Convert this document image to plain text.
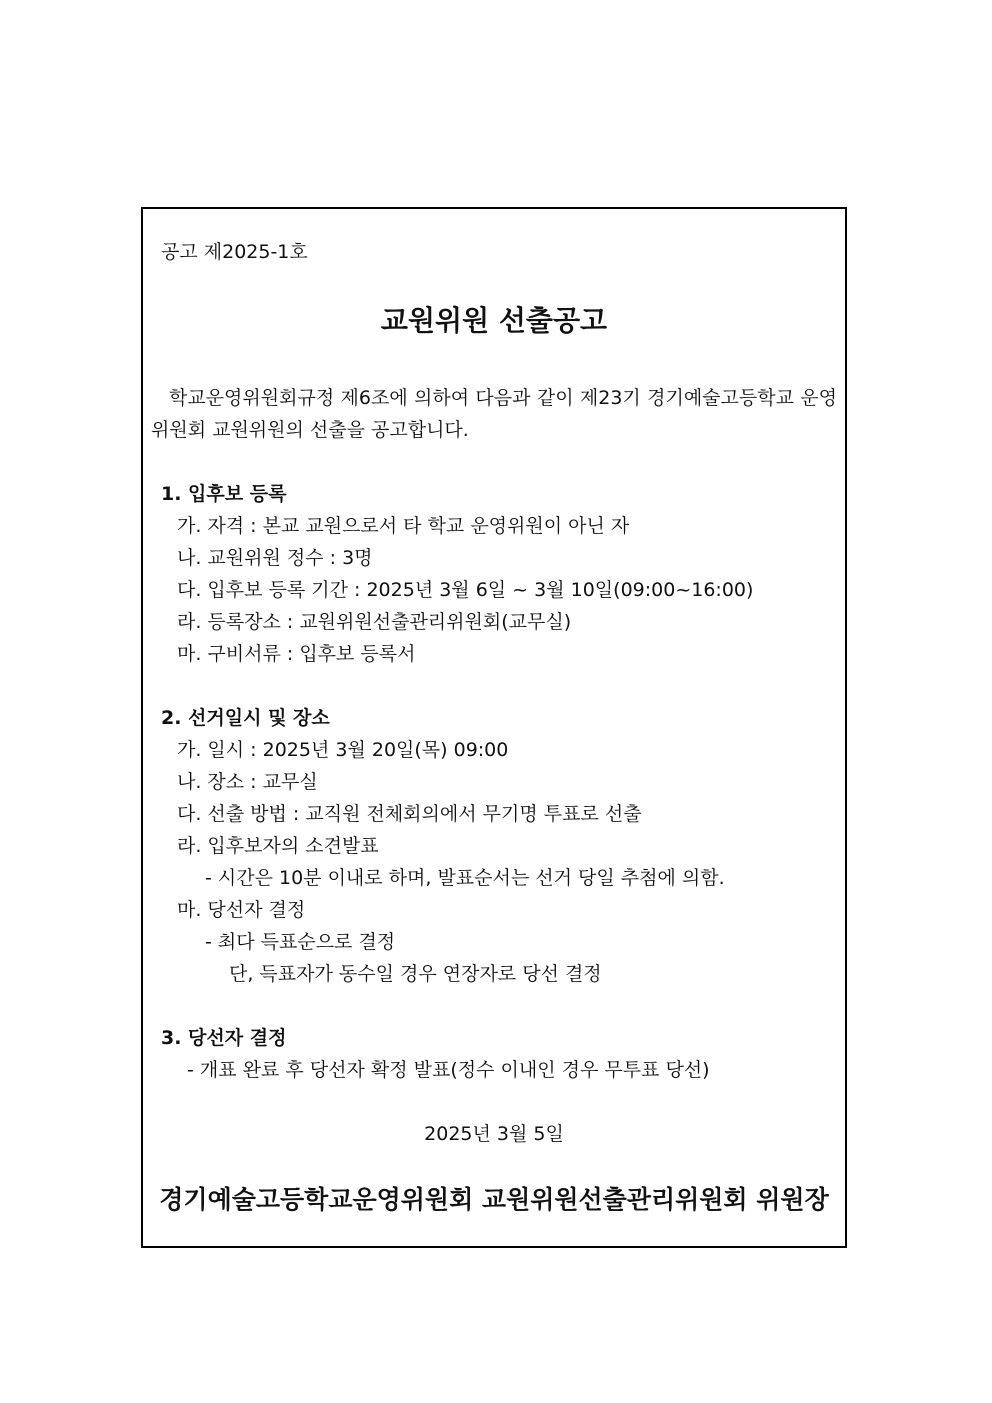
공고 제2025-1호
교원위원 선출공고
학교운영위원회규정 제6조에 의하여 다음과 같이 제23기 경기예술고등학교 운영
위원회 교원위원의 선출을 공고합니다.
1. 입후보 등록
가. 자격 : 본교 교원으로서 타 학교 운영위원이 아닌 자
나. 교원위원 정수 : 3명
다. 입후보 등록 기간 : 2025년 3월 6일 ~ 3월 10일(09:00~16:00)
라. 등록장소 : 교원위원선출관리위원회(교무실)
마. 구비서류 : 입후보 등록서
2. 선거일시 및 장소
가. 일시 : 2025년 3월 20일(목) 09:00
나. 장소 : 교무실
다. 선출 방법 : 교직원 전체회의에서 무기명 투표로 선출
라. 입후보자의 소견발표
- 시간은 10분 이내로 하며, 발표순서는 선거 당일 추첨에 의함.
마. 당선자 결정
- 최다 득표순으로 결정
단, 득표자가 동수일 경우 연장자로 당선 결정
3. 당선자 결정
- 개표 완료 후 당선자 확정 발표(정수 이내인 경우 무투표 당선)
2025년 3월 5일
경기예술고등학교운영위원회 교원위원선출관리위원회 위원장
